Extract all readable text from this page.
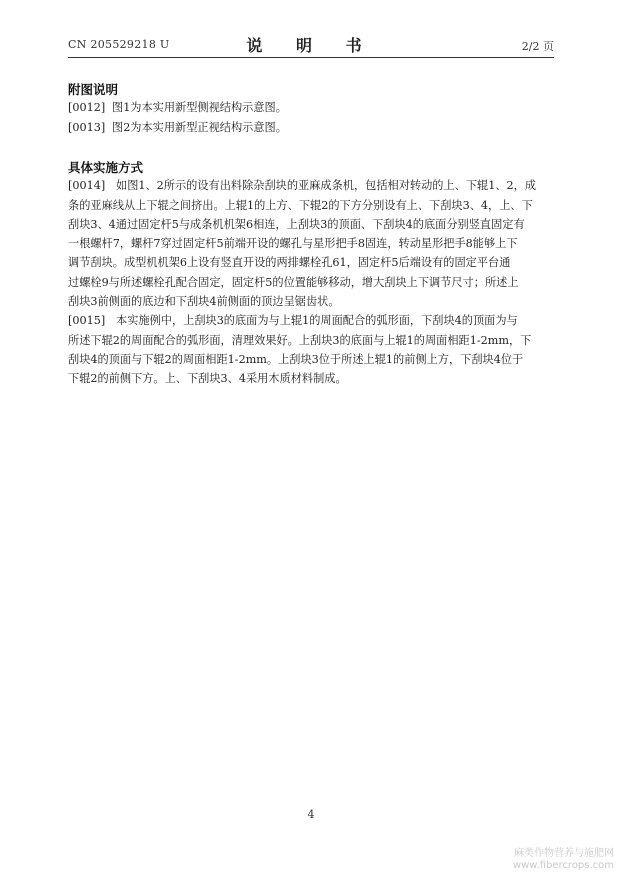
CN 205529218 U	说 明 书	2/2 页
附图说明
[0012] 图1为本实用新型侧视结构示意图。
[0013] 图2为本实用新型正视结构示意图。
具体实施方式
[0014] 如图1、2所示的设有出料除杂刮块的亚麻成条机，包括相对转动的上、下辊1、2，成
条的亚麻线从上下辊之间挤出。上辊1的上方、下辊2的下方分别设有上、下刮块3、4，上、下
刮块3、4通过固定杆5与成条机机架6相连，上刮块3的顶面、下刮块4的底面分别竖直固定有
一根螺杆7，螺杆7穿过固定杆5前端开设的螺孔与星形把手8固连，转动星形把手8能够上下
调节刮块。成型机机架6上设有竖直开设的两排螺栓孔61，固定杆5后端设有的固定平台通
过螺栓9与所述螺栓孔配合固定，固定杆5的位置能够移动，增大刮块上下调节尺寸；所述上
刮块3前侧面的底边和下刮块4前侧面的顶边呈锯齿状。
[0015] 本实施例中，上刮块3的底面为与上辊1的周面配合的弧形面，下刮块4的顶面为与
所述下辊2的周面配合的弧形面，清理效果好。上刮块3的底面与上辊1的周面相距1-2mm，下
刮块4的顶面与下辊2的周面相距1-2mm。上刮块3位于所述上辊1的前侧上方，下刮块4位于
下辊2的前侧下方。上、下刮块3、4采用木质材料制成。
4
麻类作物营养与施肥网
www.fibercrops.com
